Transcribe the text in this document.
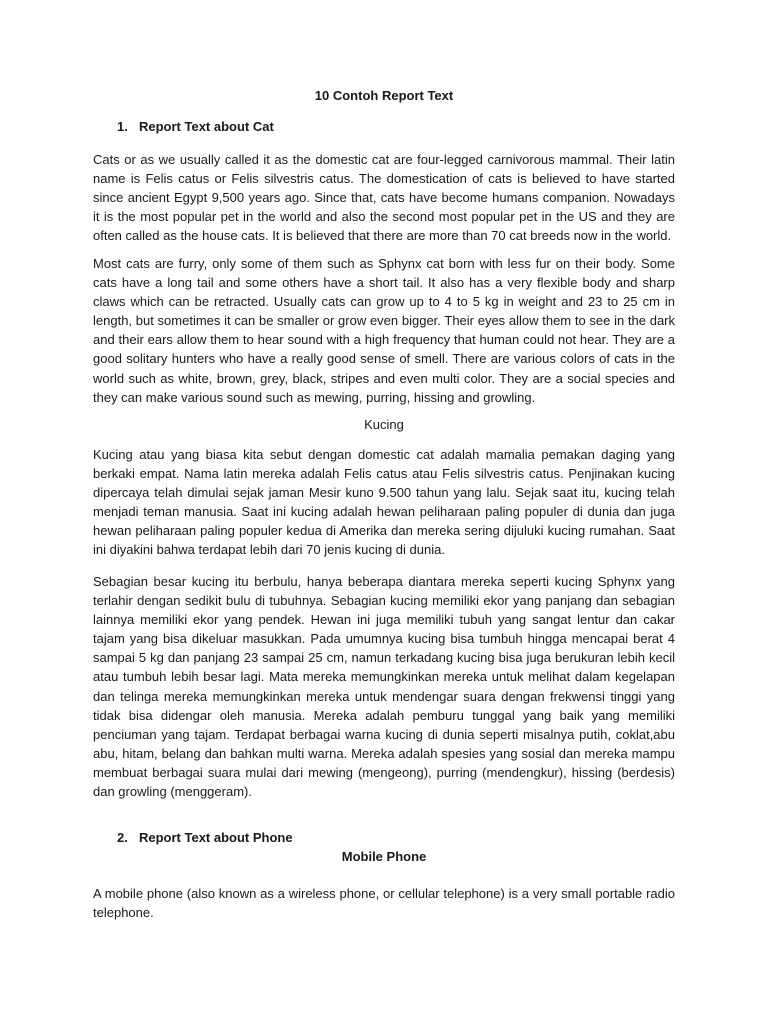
10 Contoh Report Text
1. Report Text about Cat

Cats or as we usually called it as the domestic cat are four-legged carnivorous mammal. Their latin name is Felis catus or Felis silvestris catus. The domestication of cats is believed to have started since ancient Egypt 9,500 years ago. Since that, cats have become humans companion. Nowadays it is the most popular pet in the world and also the second most popular pet in the US and they are often called as the house cats. It is believed that there are more than 70 cat breeds now in the world.

Most cats are furry, only some of them such as Sphynx cat born with less fur on their body. Some cats have a long tail and some others have a short tail. It also has a very flexible body and sharp claws which can be retracted. Usually cats can grow up to 4 to 5 kg in weight and 23 to 25 cm in length, but sometimes it can be smaller or grow even bigger. Their eyes allow them to see in the dark and their ears allow them to hear sound with a high frequency that human could not hear. They are a good solitary hunters who have a really good sense of smell. There are various colors of cats in the world such as white, brown, grey, black, stripes and even multi color. They are a social species and they can make various sound such as mewing, purring, hissing and growling.

Kucing

Kucing atau yang biasa kita sebut dengan domestic cat adalah mamalia pemakan daging yang berkaki empat. Nama latin mereka adalah Felis catus atau Felis silvestris catus. Penjinakan kucing dipercaya telah dimulai sejak jaman Mesir kuno 9.500 tahun yang lalu. Sejak saat itu, kucing telah menjadi teman manusia. Saat ini kucing adalah hewan peliharaan paling populer di dunia dan juga hewan peliharaan paling populer kedua di Amerika dan mereka sering dijuluki kucing rumahan. Saat ini diyakini bahwa terdapat lebih dari 70 jenis kucing di dunia.

Sebagian besar kucing itu berbulu, hanya beberapa diantara mereka seperti kucing Sphynx yang terlahir dengan sedikit bulu di tubuhnya. Sebagian kucing memiliki ekor yang panjang dan sebagian lainnya memiliki ekor yang pendek. Hewan ini juga memiliki tubuh yang sangat lentur dan cakar tajam yang bisa dikeluar masukkan. Pada umumnya kucing bisa tumbuh hingga mencapai berat 4 sampai 5 kg dan panjang 23 sampai 25 cm, namun terkadang kucing bisa juga berukuran lebih kecil atau tumbuh lebih besar lagi. Mata mereka memungkinkan mereka untuk melihat dalam kegelapan dan telinga mereka memungkinkan mereka untuk mendengar suara dengan frekwensi tinggi yang tidak bisa didengar oleh manusia. Mereka adalah pemburu tunggal yang baik yang memiliki penciuman yang tajam. Terdapat berbagai warna kucing di dunia seperti misalnya putih, coklat,abu abu, hitam, belang dan bahkan multi warna. Mereka adalah spesies yang sosial dan mereka mampu membuat berbagai suara mulai dari mewing (mengeong), purring (mendengkur), hissing (berdesis) dan growling (menggeram).

2. Report Text about Phone
Mobile Phone

A mobile phone (also known as a wireless phone, or cellular telephone) is a very small portable radio telephone.
